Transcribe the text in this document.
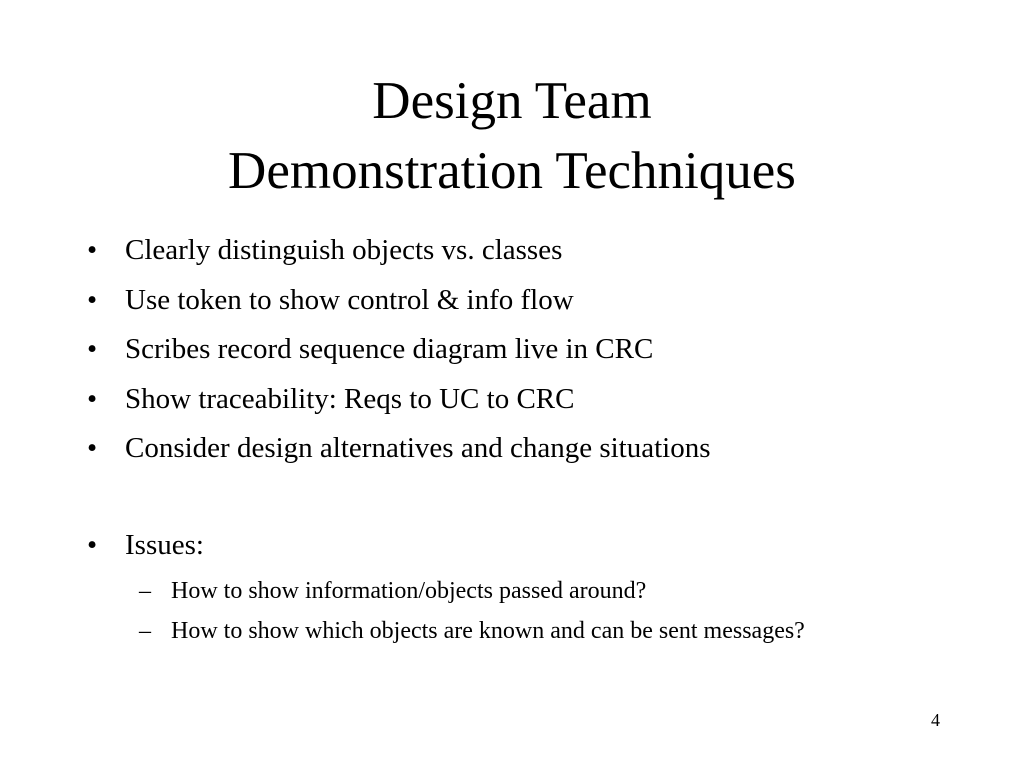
Design Team
Demonstration Techniques
• Clearly distinguish objects vs. classes
• Use token to show control & info flow
• Scribes record sequence diagram live in CRC
• Show traceability: Reqs to UC to CRC
• Consider design alternatives and change situations
• Issues:
– How to show information/objects passed around?
– How to show which objects are known and can be sent messages?
4
